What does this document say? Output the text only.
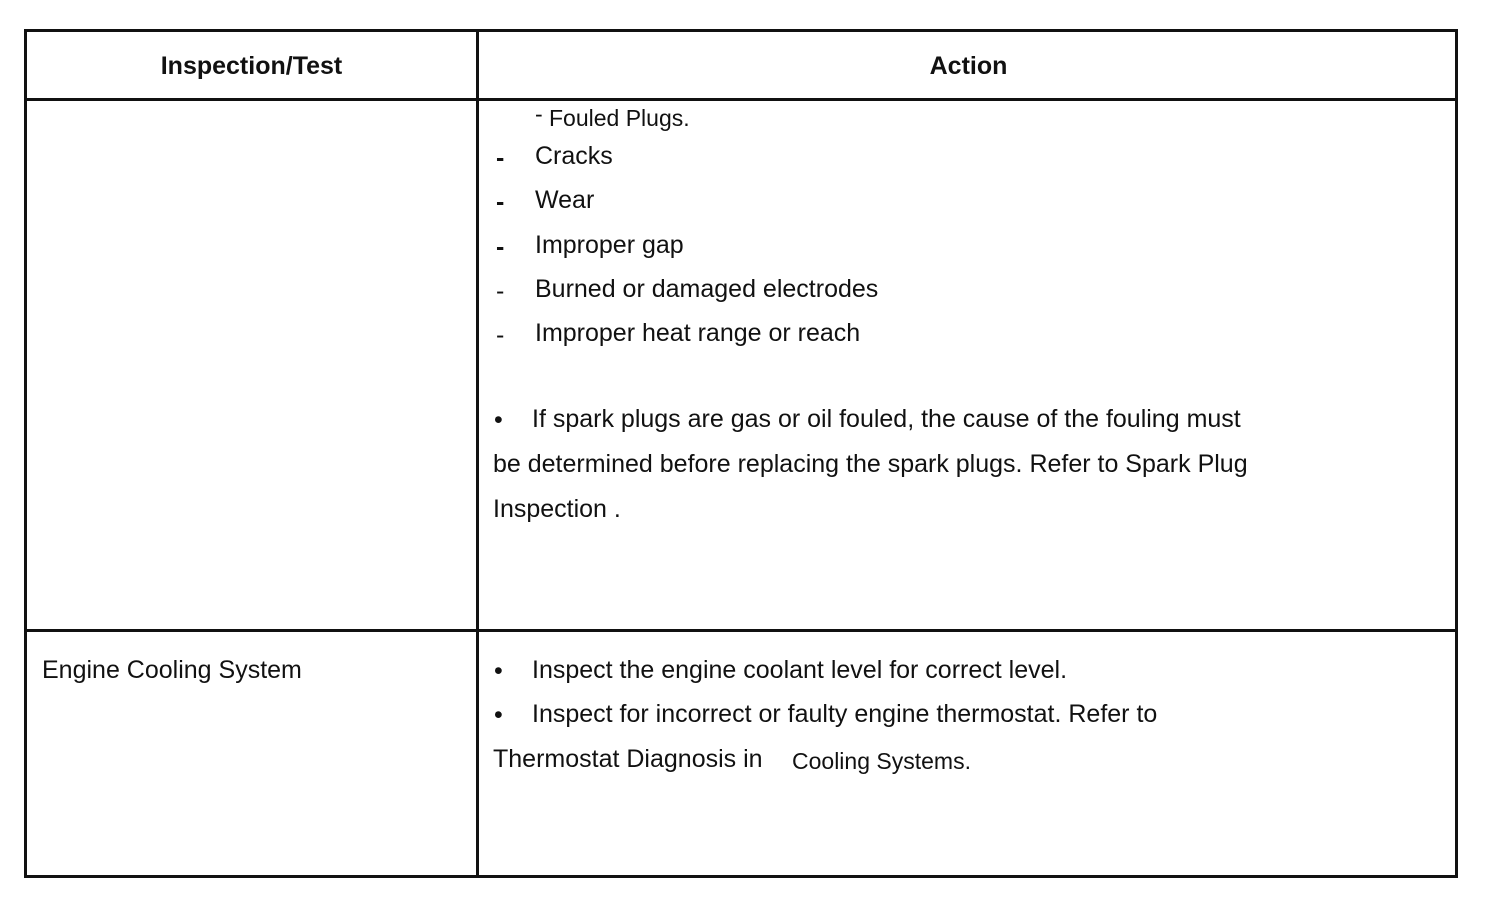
Inspection/Test	Action
- Fouled Plugs.
- Cracks
- Wear
- Improper gap
- Burned or damaged electrodes
- Improper heat range or reach
• If spark plugs are gas or oil fouled, the cause of the fouling must
be determined before replacing the spark plugs. Refer to Spark Plug
Inspection .
Engine Cooling System	• Inspect the engine coolant level for correct level.
• Inspect for incorrect or faulty engine thermostat. Refer to
Thermostat Diagnosis in Cooling Systems.
